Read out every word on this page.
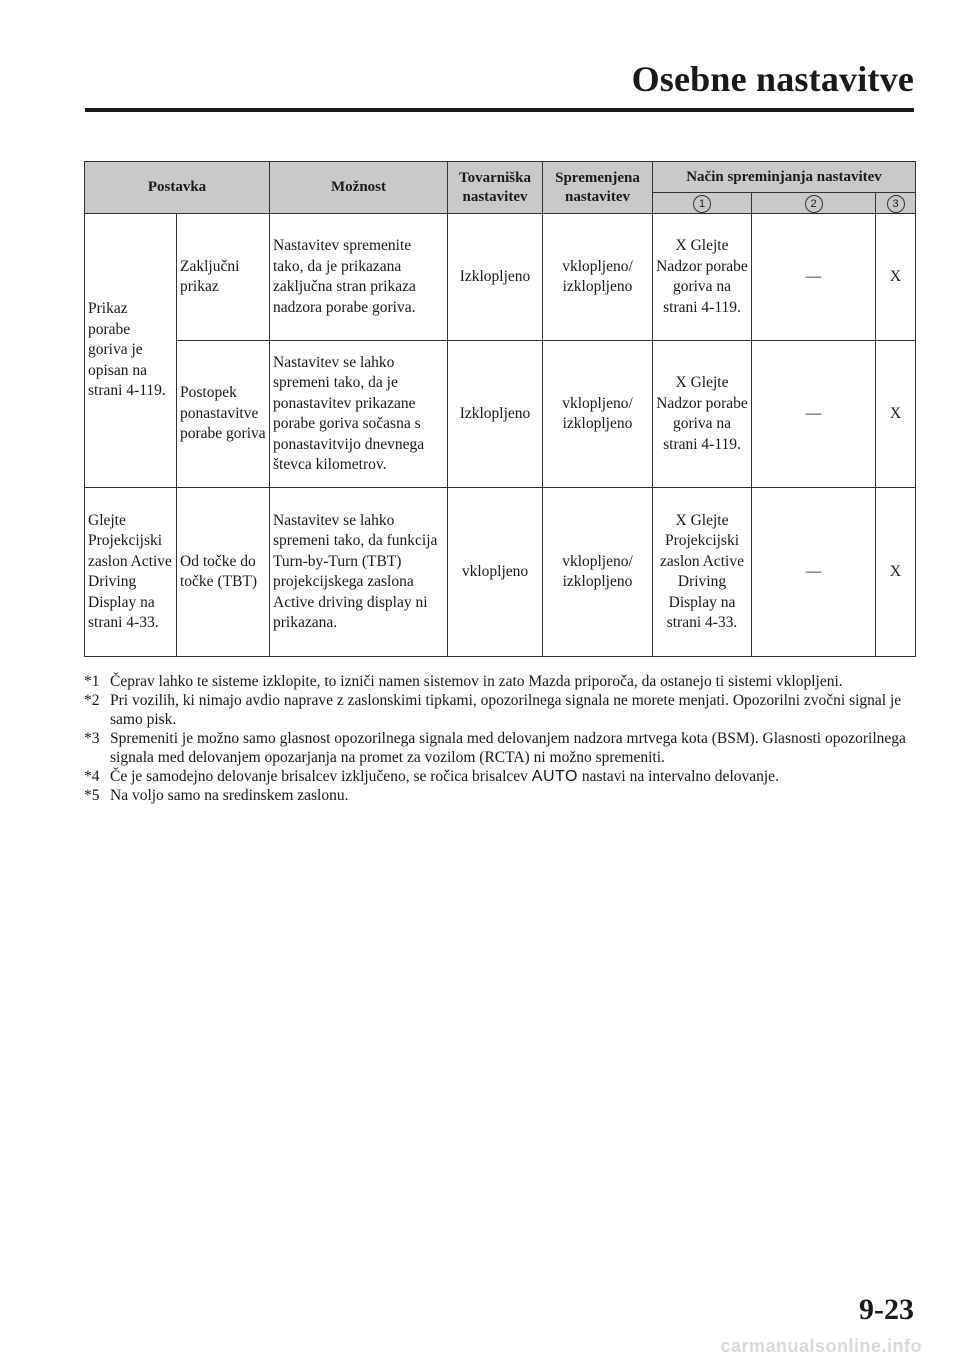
Osebne nastavitve
Postavka		Možnost	Tovarniška nastavitev	Spremenjena nastavitev	Način spreminjanja nastavitev		
					1	2	3
Prikaz porabe goriva je opisan na strani 4-119.	Zaključni prikaz	Nastavitev spremenite tako, da je prikazana zaključna stran prikaza nadzora porabe goriva.	Izklopljeno	vklopljeno/ izklopljeno	X Glejte Nadzor porabe goriva na strani 4-119.	—	X
	Postopek ponastavitve porabe goriva	Nastavitev se lahko spremeni tako, da je ponastavitev prikazane porabe goriva sočasna s ponastavitvijo dnevnega števca kilometrov.	Izklopljeno	vklopljeno/ izklopljeno	X Glejte Nadzor porabe goriva na strani 4-119.	—	X
Glejte Projekcijski zaslon Active Driving Display na strani 4-33.	Od točke do točke (TBT)	Nastavitev se lahko spremeni tako, da funkcija Turn-by-Turn (TBT) projekcijskega zaslona Active driving display ni prikazana.	vklopljeno	vklopljeno/ izklopljeno	X Glejte Projekcijski zaslon Active Driving Display na strani 4-33.	—	X
*1 Čeprav lahko te sisteme izklopite, to izniči namen sistemov in zato Mazda priporoča, da ostanejo ti sistemi vklopljeni.
*2 Pri vozilih, ki nimajo avdio naprave z zaslonskimi tipkami, opozorilnega signala ne morete menjati. Opozorilni zvočni signal je samo pisk.
*3 Spremeniti je možno samo glasnost opozorilnega signala med delovanjem nadzora mrtvega kota (BSM). Glasnosti opozorilnega signala med delovanjem opozarjanja na promet za vozilom (RCTA) ni možno spremeniti.
*4 Če je samodejno delovanje brisalcev izključeno, se ročica brisalcev AUTO nastavi na intervalno delovanje.
*5 Na voljo samo na sredinskem zaslonu.
9-23
carmanualsonline.info
